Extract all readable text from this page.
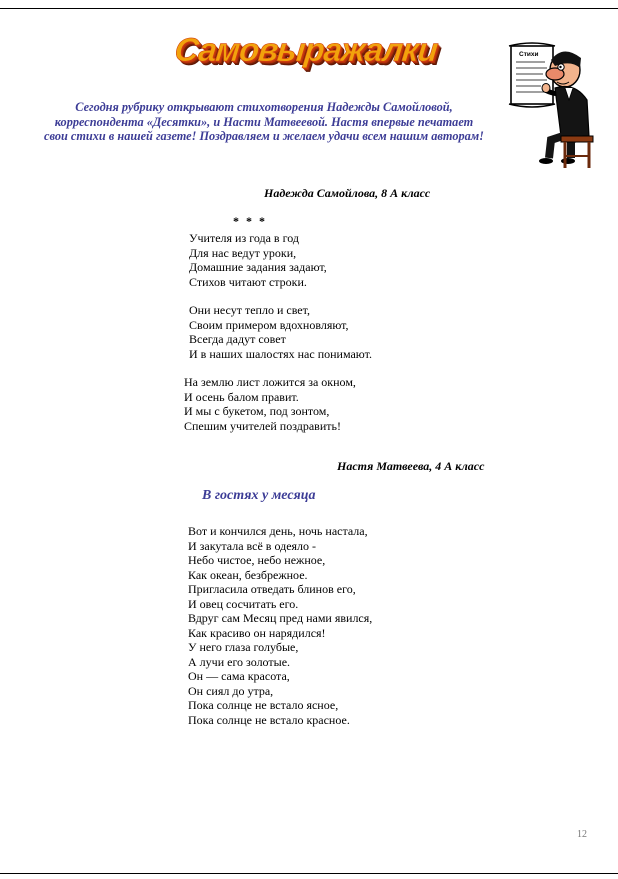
Самовыражалки
Сегодня рубрику открывают стихотворения Надежды Самойловой,
корреспондента «Десятки», и Насти Матвеевой. Настя впервые печатает
свои стихи в нашей газете! Поздравляем и желаем удачи всем нашим авторам!
Стихи
Надежда Самойлова, 8 А класс
* * *
Учителя из года в год
Для нас ведут уроки,
Домашние задания задают,
Стихов читают строки.
Они несут тепло и свет,
Своим примером вдохновляют,
Всегда дадут совет
И в наших шалостях нас понимают.
На землю лист ложится за окном,
И осень балом правит.
И мы с букетом, под зонтом,
Спешим учителей поздравить!
Настя Матвеева, 4 А класс
В гостях у месяца
Вот и кончился день, ночь настала,
И закутала всё в одеяло -
Небо чистое, небо нежное,
Как океан, безбрежное.
Пригласила отведать блинов его,
И овец сосчитать его.
Вдруг сам Месяц пред нами явился,
Как красиво он нарядился!
У него глаза голубые,
А лучи его золотые.
Он — сама красота,
Он сиял до утра,
Пока солнце не встало ясное,
Пока солнце не встало красное.
12
